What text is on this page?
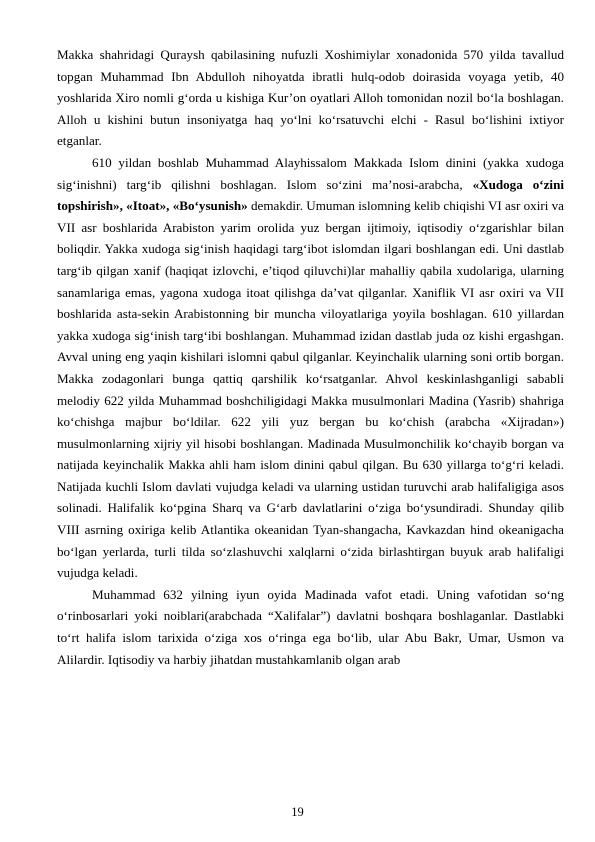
Makka shahridagi Quraysh qabilasining nufuzli Xoshimiylar xonadonida 570 yilda tavallud topgan Muhammad Ibn Abdulloh nihoyatda ibratli hulq-odob doirasida voyaga yetib, 40 yoshlarida Xiro nomli g‘orda u kishiga Kur’on oyatlari Alloh tomonidan nozil bo‘la boshlagan. Alloh u kishini butun insoniyatga haq yo‘lni ko‘rsatuvchi elchi - Rasul bo‘lishini ixtiyor etganlar.

610 yildan boshlab Muhammad Alayhissalom Makkada Islom dinini (yakka xudoga sig‘inishni) targ‘ib qilishni boshlagan. Islom so‘zini ma’nosi-arabcha, «Xudoga o‘zini topshirish», «Itoat», «Bo‘ysunish» demakdir. Umuman islomning kelib chiqishi VI asr oxiri va VII asr boshlarida Arabiston yarim orolida yuz bergan ijtimoiy, iqtisodiy o‘zgarishlar bilan boliqdir. Yakka xudoga sig‘inish haqidagi targ‘ibot islomdan ilgari boshlangan edi. Uni dastlab targ‘ib qilgan xanif (haqiqat izlovchi, e’tiqod qiluvchi)lar mahalliy qabila xudolariga, ularning sanamlariga emas, yagona xudoga itoat qilishga da’vat qilganlar. Xaniflik VI asr oxiri va VII boshlarida asta-sekin Arabistonning bir muncha viloyatlariga yoyila boshlagan. 610 yillardan yakka xudoga sig‘inish targ‘ibi boshlangan. Muhammad izidan dastlab juda oz kishi ergashgan. Avval uning eng yaqin kishilari islomni qabul qilganlar. Keyinchalik ularning soni ortib borgan. Makka zodagonlari bunga qattiq qarshilik ko‘rsatganlar. Ahvol keskinlashganligi sababli melodiy 622 yilda Muhammad boshchiligidagi Makka musulmonlari Madina (Yasrib) shahriga ko‘chishga majbur bo‘ldilar. 622 yili yuz bergan bu ko‘chish (arabcha «Xijradan») musulmonlarning xijriy yil hisobi boshlangan. Madinada Musulmonchilik ko‘chayib borgan va natijada keyinchalik Makka ahli ham islom dinini qabul qilgan. Bu 630 yillarga to‘g‘ri keladi. Natijada kuchli Islom davlati vujudga keladi va ularning ustidan turuvchi arab halifaligiga asos solinadi. Halifalik ko‘pgina Sharq va G‘arb davlatlarini o‘ziga bo‘ysundiradi. Shunday qilib VIII asrning oxiriga kelib Atlantika okeanidan Tyan-shangacha, Kavkazdan hind okeanigacha bo‘lgan yerlarda, turli tilda so‘zlashuvchi xalqlarni o‘zida birlashtirgan buyuk arab halifaligi vujudga keladi.

Muhammad 632 yilning iyun oyida Madinada vafot etadi. Uning vafotidan so‘ng o‘rinbosarlari yoki noiblari(arabchada “Xalifalar”) davlatni boshqara boshlaganlar. Dastlabki to‘rt halifa islom tarixida o‘ziga xos o‘ringa ega bo‘lib, ular Abu Bakr, Umar, Usmon va Alilardir. Iqtisodiy va harbiy jihatdan mustahkamlanib olgan arab

19
